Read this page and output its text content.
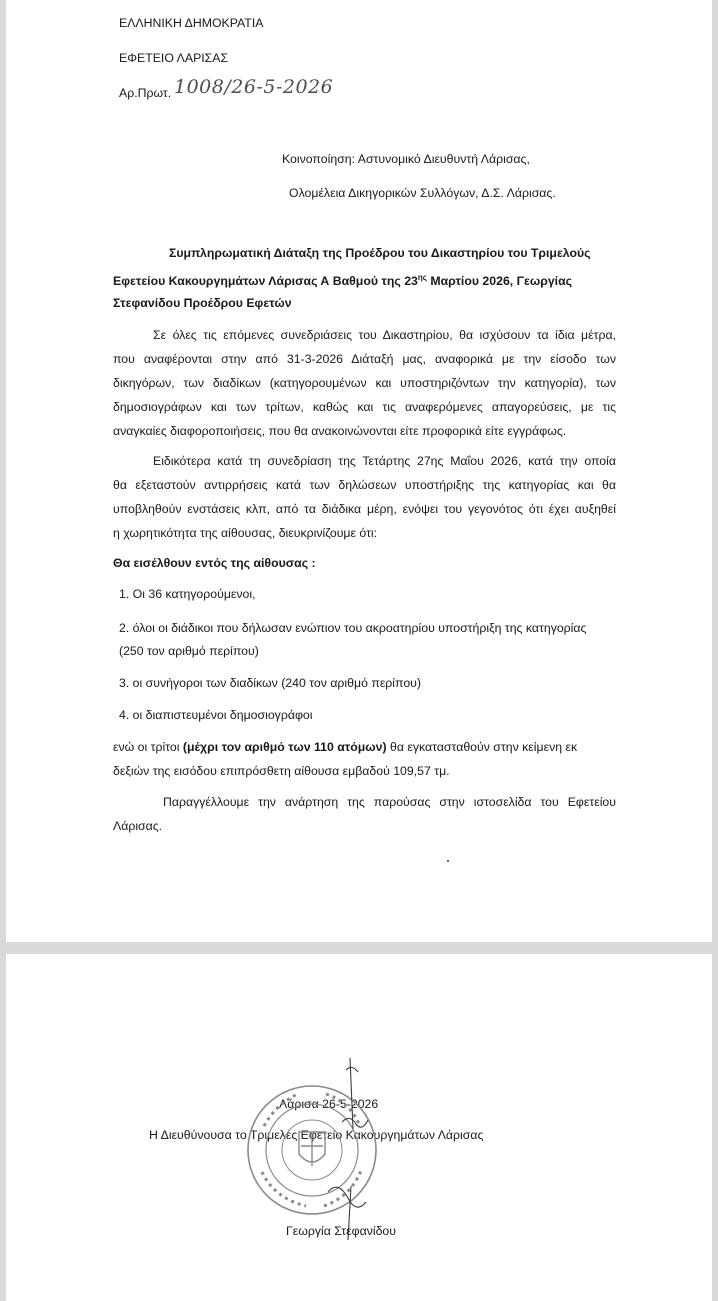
ΕΛΛΗΝΙΚΗ ΔΗΜΟΚΡΑΤΙΑ
ΕΦΕΤΕΙΟ ΛΑΡΙΣΑΣ
Αρ.Πρωτ. 1008/26-5-2026
Κοινοποίηση: Αστυνομικό Διευθυντή Λάρισας,
Ολομέλεια Δικηγορικών Συλλόγων, Δ.Σ. Λάρισας.
Συμπληρωματική Διάταξη της Προέδρου του Δικαστηρίου του Τριμελούς
Εφετείου Κακουργημάτων Λάρισας Α Βαθμού της $23^{\eta\varsigma}$ Μαρτίου 2026, Γεωργίας
Στεφανίδου Προέδρου Εφετών
Σε όλες τις επόμενες συνεδριάσεις του Δικαστηρίου, θα ισχύσουν τα ίδια μέτρα,
που αναφέρονται στην από 31-3-2026 Διάταξή μας, αναφορικά με την είσοδο των
δικηγόρων, των διαδίκων (κατηγορουμένων και υποστηριζόντων την κατηγορία), των
δημοσιογράφων και των τρίτων, καθώς και τις αναφερόμενες απαγορεύσεις, με τις
αναγκαίες διαφοροποιήσεις, που θα ανακοινώνονται είτε προφορικά είτε εγγράφως.
Ειδικότερα κατά τη συνεδρίαση της Τετάρτης 27ης Μαΐου 2026, κατά την οποία
θα εξεταστούν αντιρρήσεις κατά των δηλώσεων υποστήριξης της κατηγορίας και θα
υποβληθούν ενστάσεις κλπ, από τα διάδικα μέρη, ενόψει του γεγονότος ότι έχει αυξηθεί
η χωρητικότητα της αίθουσας, διευκρινίζουμε ότι:
Θα εισέλθουν εντός της αίθουσας :
1. Οι 36 κατηγορούμενοι,
2. όλοι οι διάδικοι που δήλωσαν ενώπιον του ακροατηρίου υποστήριξη της κατηγορίας
(250 τον αριθμό περίπου)
3. οι συνήγοροι των διαδίκων (240 τον αριθμό περίπου)
4. οι διαπιστευμένοι δημοσιογράφοι
ενώ οι τρίτοι (μέχρι τον αριθμό των 110 ατόμων) θα εγκατασταθούν στην κείμενη εκ
δεξιών της εισόδου επιπρόσθετη αίθουσα εμβαδού 109,57 τμ.
Παραγγέλλουμε την ανάρτηση της παρούσας στην ιστοσελίδα του Εφετείου
Λάρισας.
Λάρισα 26-5-2026
Η Διευθύνουσα το Τριμελές Εφετείο Κακουργημάτων Λάρισας
Γεωργία Στεφανίδου
